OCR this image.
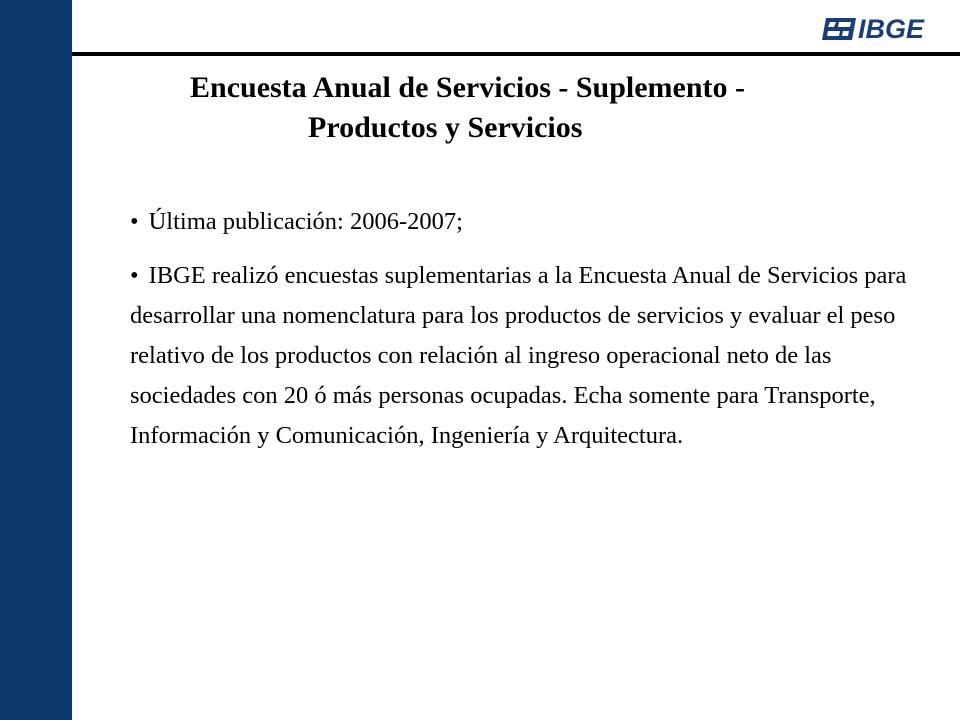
IBGE
Encuesta Anual de Servicios - Suplemento -
Productos y Servicios

• Última publicación: 2006-2007;

• IBGE realizó encuestas suplementarias a la Encuesta Anual de Servicios para desarrollar una nomenclatura para los productos de servicios y evaluar el peso relativo de los productos con relación al ingreso operacional neto de las sociedades con 20 ó más personas ocupadas. Echa somente para Transporte, Información y Comunicación, Ingeniería y Arquitectura.
